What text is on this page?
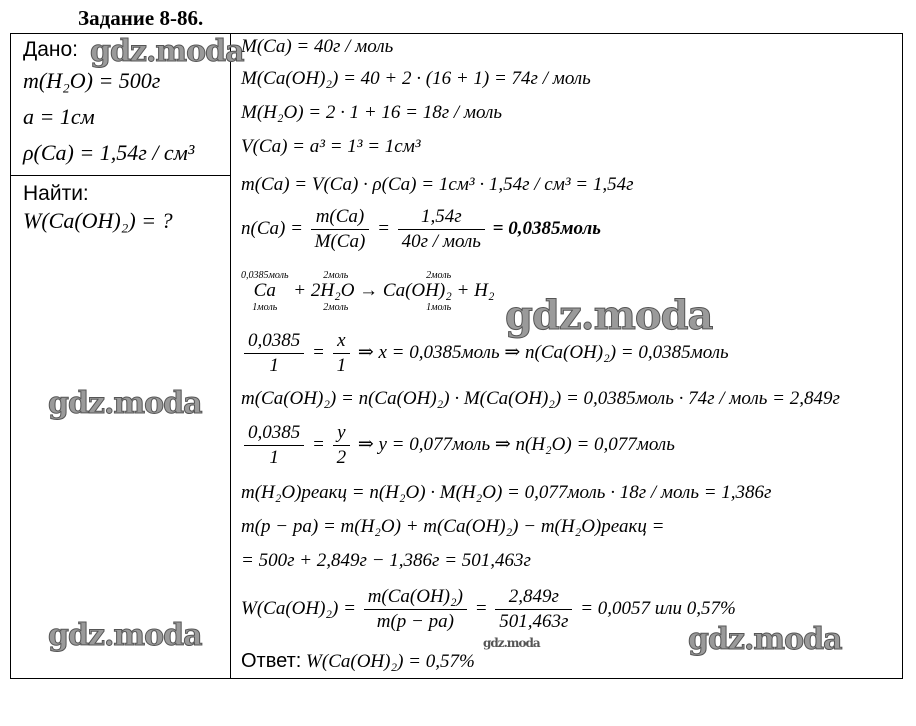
Задание 8-86.
Дано:
m(H₂O) = 500г
a = 1см
ρ(Ca) = 1,54г / см³
Найти:
W(Ca(OH)₂) = ?
M(Ca) = 40г / моль
M(Ca(OH)₂) = 40 + 2 · (16 + 1) = 74г / моль
M(H₂O) = 2 · 1 + 16 = 18г / моль
V(Ca) = a³ = 1³ = 1см³
m(Ca) = V(Ca) · ρ(Ca) = 1см³ · 1,54г / см³ = 1,54г
$n(Ca) = \frac{m(Ca)}{M(Ca)} = \frac{1,54г}{\text{40г / моль}}$ = 0,0385моль
0,0385моль
Ca
1моль

2моль
+ 2H₂O →
2моль

2моль
Ca(OH)₂ + H₂
1моль
$\frac{0,0385}{1} = \frac{x}{1}$ ⇒ x = 0,0385моль ⇒ n(Ca(OH)₂) = 0,0385моль
m(Ca(OH)₂) = n(Ca(OH)₂) · M(Ca(OH)₂) = 0,0385моль · 74г / моль = 2,849г
$\frac{0,0385}{1} = \frac{y}{2}$ ⇒ y = 0,077моль ⇒ n(H₂O) = 0,077моль
m(H₂O)реакц = n(H₂O) · M(H₂O) = 0,077моль · 18г / моль = 1,386г
m(p − pa) = m(H₂O) + m(Ca(OH)₂) − m(H₂O)реакц =
= 500г + 2,849г − 1,386г = 501,463г
$W(Ca(OH)_2) = \frac{\text{m(Ca(OH)₂)}}{m(p - pa)} = \frac{2,849г}{501,463г} = 0,0057$ или 0,57%
Ответ: W(Ca(OH)₂) = 0,57%
gdz.moda
gdz.moda
gdz.moda
gdz.moda	gdz.moda	gdz.moda
